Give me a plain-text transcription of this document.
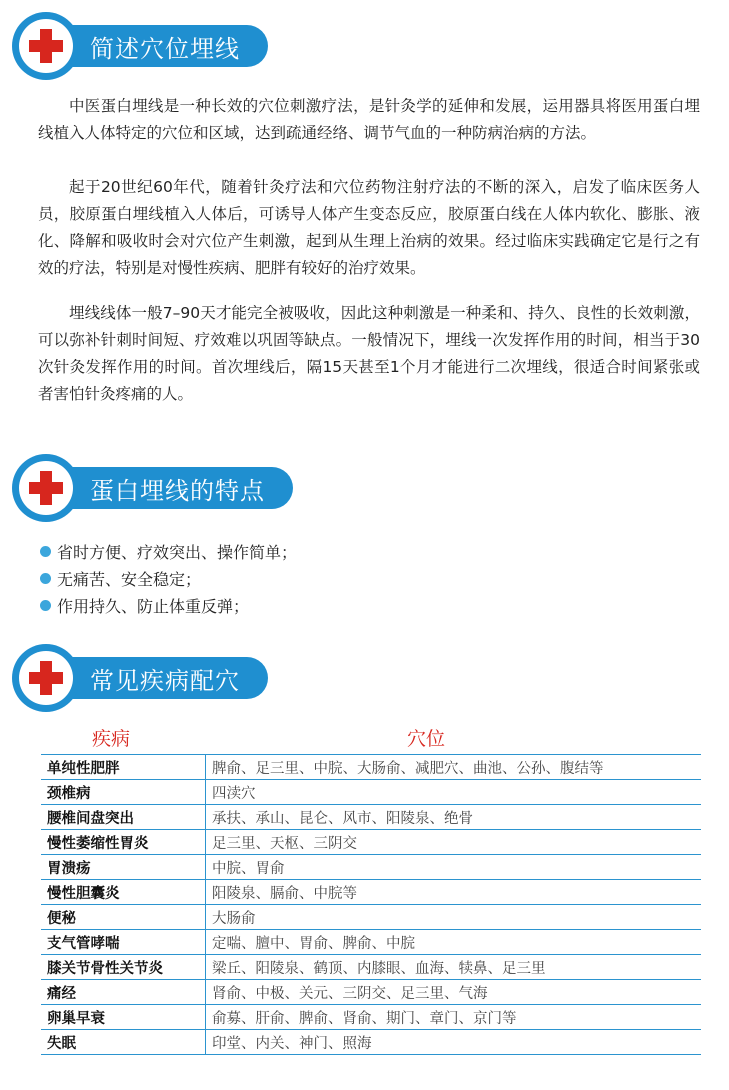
简述穴位埋线

中医蛋白埋线是一种长效的穴位刺激疗法，是针灸学的延伸和发展，运用器具将医用蛋白埋线植入人体特定的穴位和区域，达到疏通经络、调节气血的一种防病治病的方法。

起于20世纪60年代，随着针灸疗法和穴位药物注射疗法的不断的深入，启发了临床医务人员，胶原蛋白埋线植入人体后，可诱导人体产生变态反应，胶原蛋白线在人体内软化、膨胀、液化、降解和吸收时会对穴位产生刺激，起到从生理上治病的效果。经过临床实践确定它是行之有效的疗法，特别是对慢性疾病、肥胖有较好的治疗效果。

埋线线体一般7–90天才能完全被吸收，因此这种刺激是一种柔和、持久、良性的长效刺激，可以弥补针刺时间短、疗效难以巩固等缺点。一般情况下，埋线一次发挥作用的时间，相当于30次针灸发挥作用的时间。首次埋线后，隔15天甚至1个月才能进行二次埋线，很适合时间紧张或者害怕针灸疼痛的人。

蛋白埋线的特点
省时方便、疗效突出、操作简单；
无痛苦、安全稳定；
作用持久、防止体重反弹；
常见疾病配穴
疾病	穴位
单纯性肥胖	脾俞、足三里、中脘、大肠俞、减肥穴、曲池、公孙、腹结等
颈椎病	四渎穴
腰椎间盘突出	承扶、承山、昆仑、风市、阳陵泉、绝骨
慢性萎缩性胃炎	足三里、天枢、三阴交
胃溃疡	中脘、胃俞
慢性胆囊炎	阳陵泉、膈俞、中脘等
便秘	大肠俞
支气管哮喘	定喘、膻中、胃俞、脾俞、中脘
膝关节骨性关节炎	梁丘、阳陵泉、鹤顶、内膝眼、血海、犊鼻、足三里
痛经	肾俞、中极、关元、三阴交、足三里、气海
卵巢早衰	俞募、肝俞、脾俞、肾俞、期门、章门、京门等
失眠	印堂、内关、神门、照海
